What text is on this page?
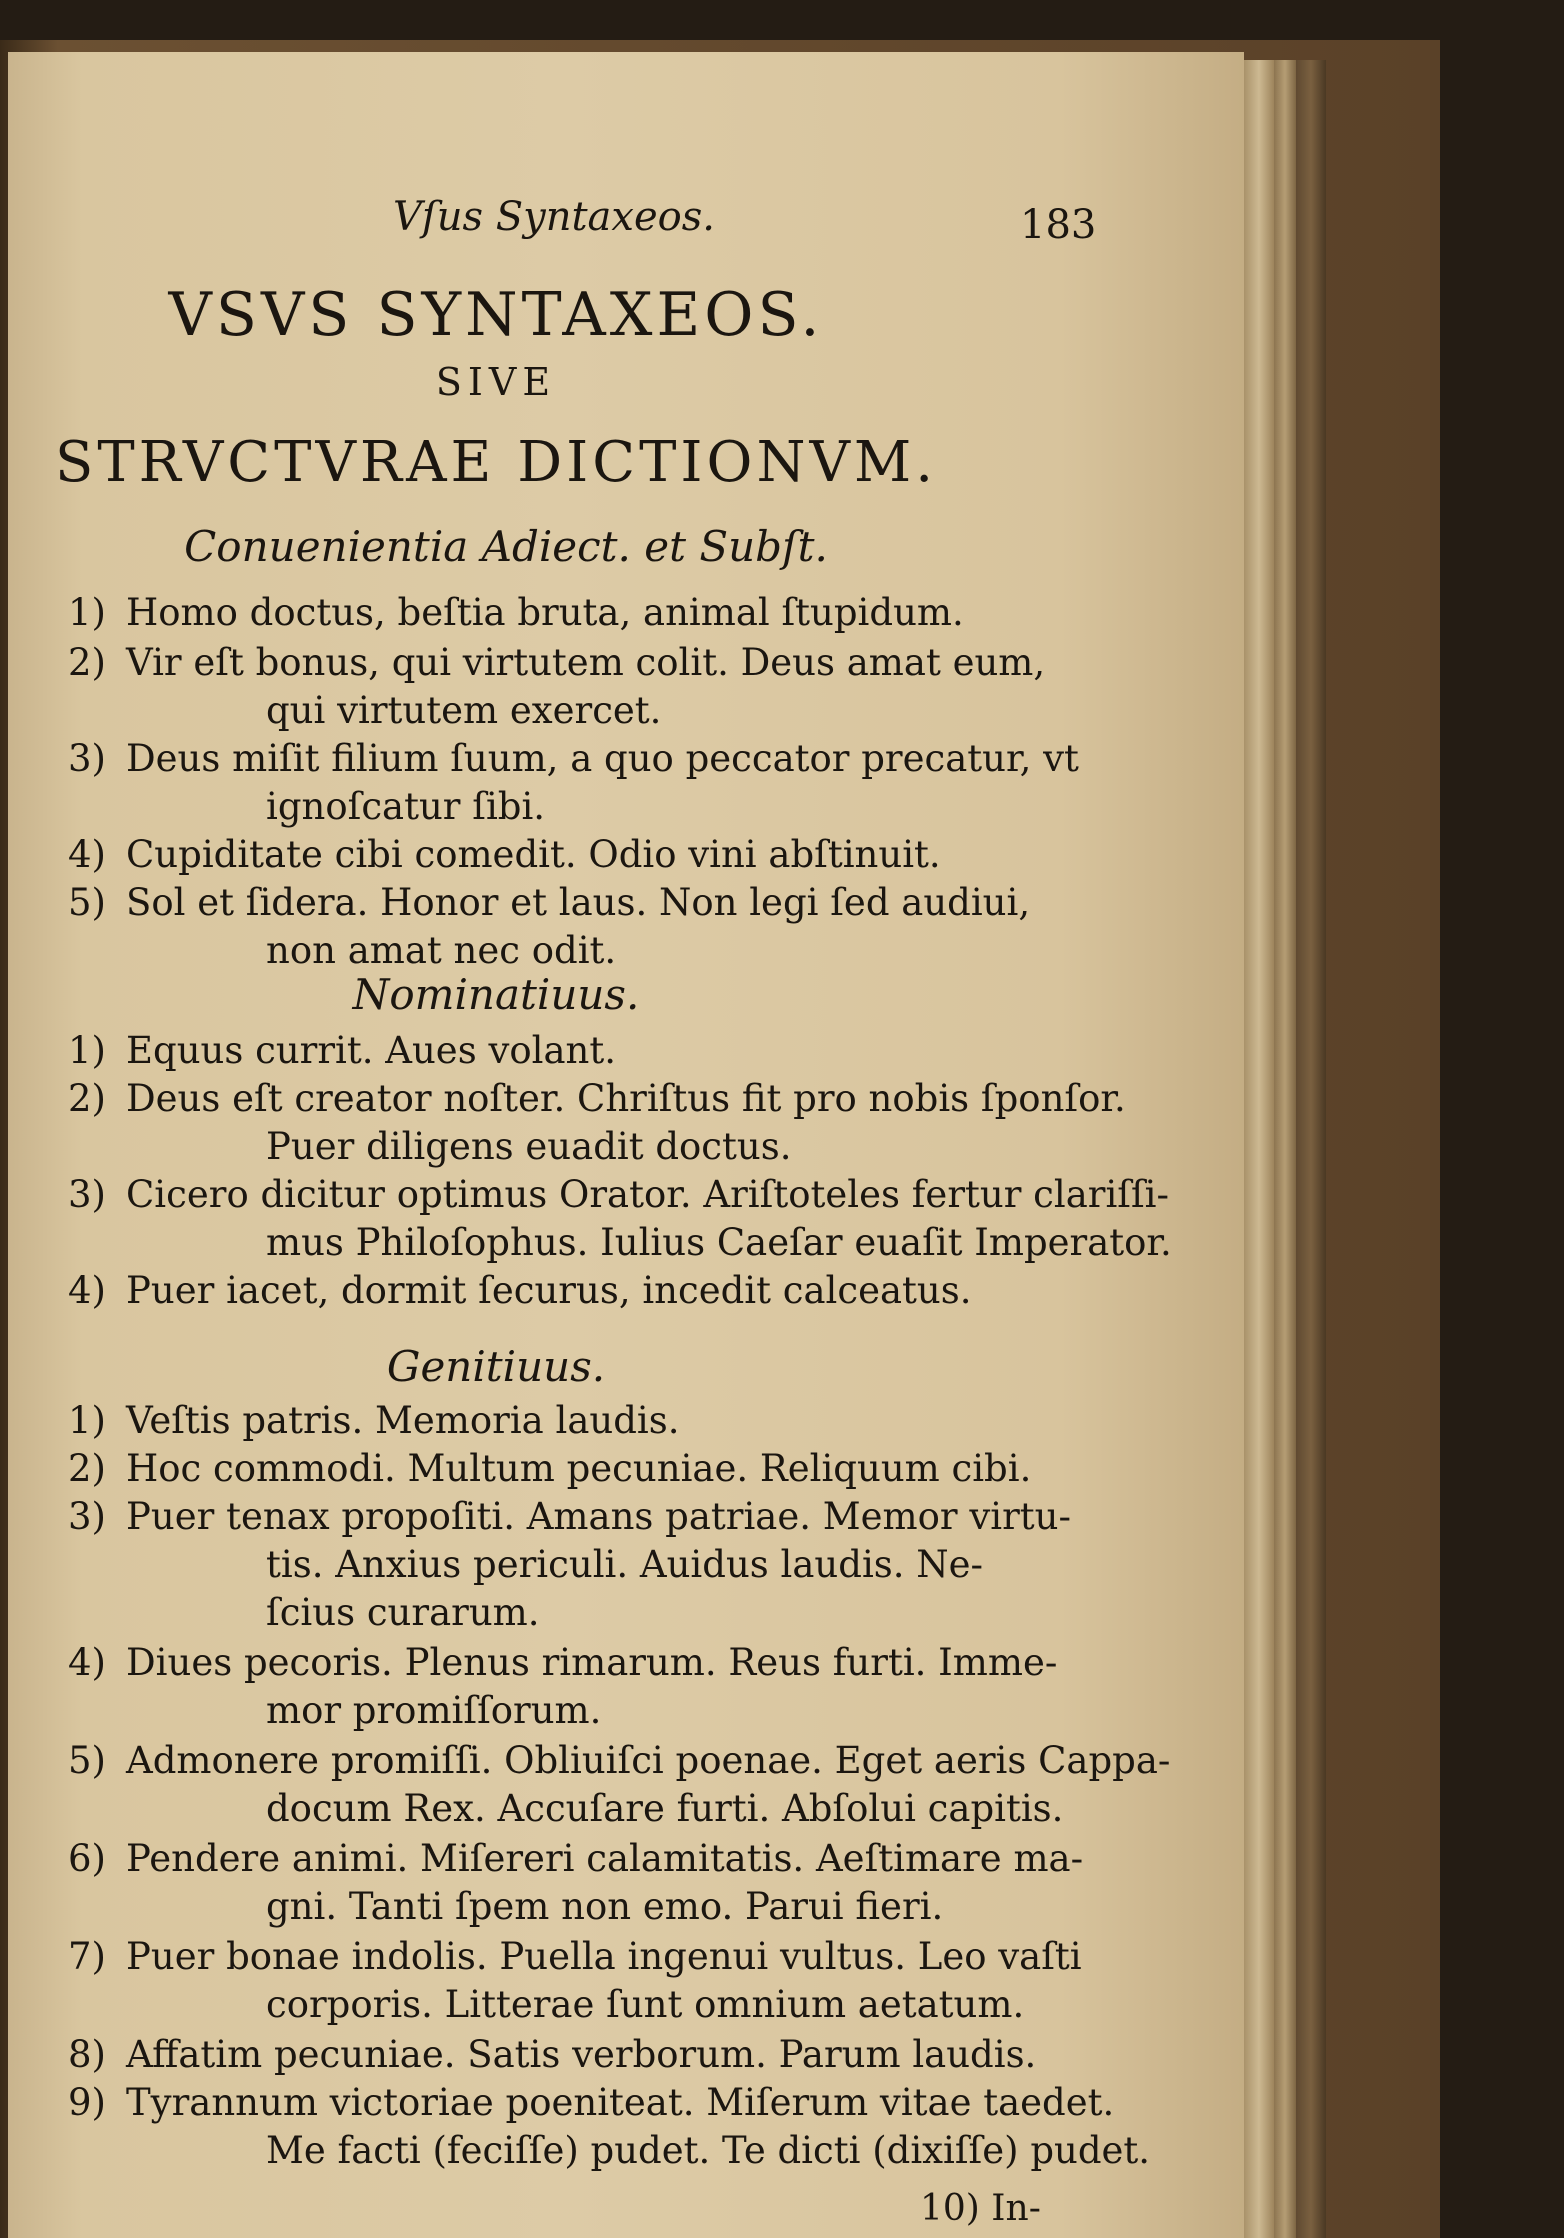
Vſus Syntaxeos.	183
VSVS SYNTAXEOS.
SIVE
STRVCTVRAE DICTIONVM.
Conuenientia Adiect. et Subſt.
1) Homo doctus, beſtia bruta, animal ſtupidum.
2) Vir eſt bonus, qui virtutem colit. Deus amat eum,
qui virtutem exercet.
3) Deus miſit filium ſuum, a quo peccator precatur, vt
ignoſcatur ſibi.
4) Cupiditate cibi comedit. Odio vini abſtinuit.
5) Sol et ſidera. Honor et laus. Non legi ſed audiui,
non amat nec odit.
Nominatiuus.
1) Equus currit. Aues volant.
2) Deus eſt creator noſter. Chriſtus fit pro nobis ſponſor.
Puer diligens euadit doctus.
3) Cicero dicitur optimus Orator. Ariſtoteles fertur clariſſi-
mus Philoſophus. Iulius Caeſar euaſit Imperator.
4) Puer iacet, dormit ſecurus, incedit calceatus.
Genitiuus.
1) Veſtis patris. Memoria laudis.
2) Hoc commodi. Multum pecuniae. Reliquum cibi.
3) Puer tenax propoſiti. Amans patriae. Memor virtu-
tis. Anxius periculi. Auidus laudis. Ne-
ſcius curarum.
4) Diues pecoris. Plenus rimarum. Reus furti. Imme-
mor promiſſorum.
5) Admonere promiſſi. Obliuiſci poenae. Eget aeris Cappa-
docum Rex. Accuſare furti. Abſolui capitis.
6) Pendere animi. Miſereri calamitatis. Aeſtimare ma-
gni. Tanti ſpem non emo. Parui fieri.
7) Puer bonae indolis. Puella ingenui vultus. Leo vaſti
corporis. Litterae ſunt omnium aetatum.
8) Affatim pecuniae. Satis verborum. Parum laudis.
9) Tyrannum victoriae poeniteat. Miſerum vitae taedet.
Me facti (feciſſe) pudet. Te dicti (dixiſſe) pudet.
10) In-
